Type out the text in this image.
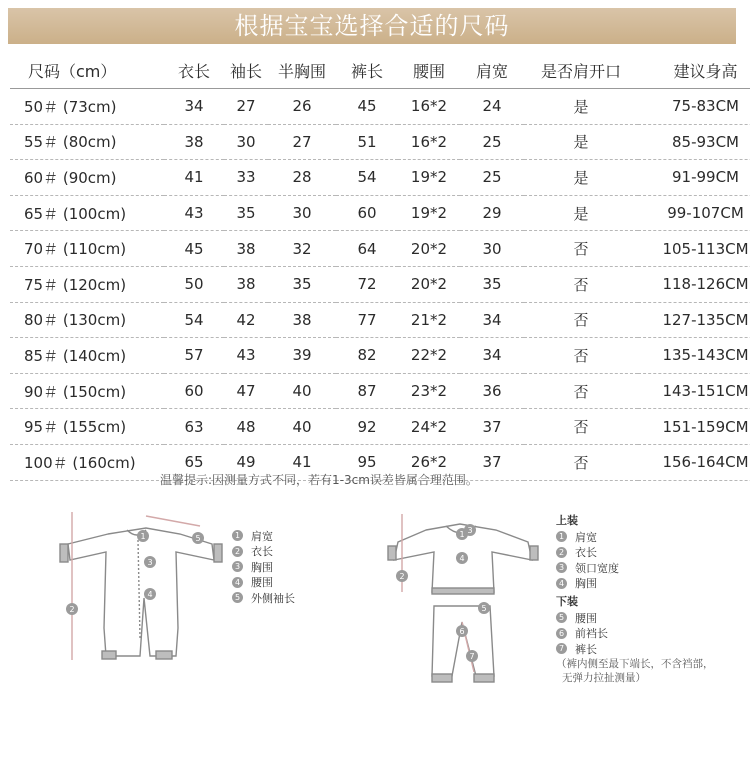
根据宝宝选择合适的尺码
尺码（cm）	衣长	袖长	半胸围	裤长	腰围	肩宽	是否肩开口	建议身高
50＃ (73cm)	34	27	26	45	16*2	24	是	75-83CM
55＃ (80cm)	38	30	27	51	16*2	25	是	85-93CM
60＃ (90cm)	41	33	28	54	19*2	25	是	91-99CM
65＃ (100cm)	43	35	30	60	19*2	29	是	99-107CM
70＃ (110cm)	45	38	32	64	20*2	30	否	105-113CM
75＃ (120cm)	50	38	35	72	20*2	35	否	118-126CM
80＃ (130cm)	54	42	38	77	21*2	34	否	127-135CM
85＃ (140cm)	57	43	39	82	22*2	34	否	135-143CM
90＃ (150cm)	60	47	40	87	23*2	36	否	143-151CM
95＃ (155cm)	63	48	40	92	24*2	37	否	151-159CM
100＃ (160cm)	65	49	41	95	26*2	37	否	156-164CM
温馨提示:因测量方式不同，若有1-3cm误差皆属合理范围。
1
2
3
4
5	1
2
3
4
5
6
7
1 肩宽
2 衣长
3 胸围
4 腰围
5 外侧袖长
上装
1 肩宽
2 衣长
3 领口宽度
4 胸围
下装
5 腰围
6 前裆长
7 裤长
（裤内侧至最下端长，不含裆部，
无弹力拉扯测量）
